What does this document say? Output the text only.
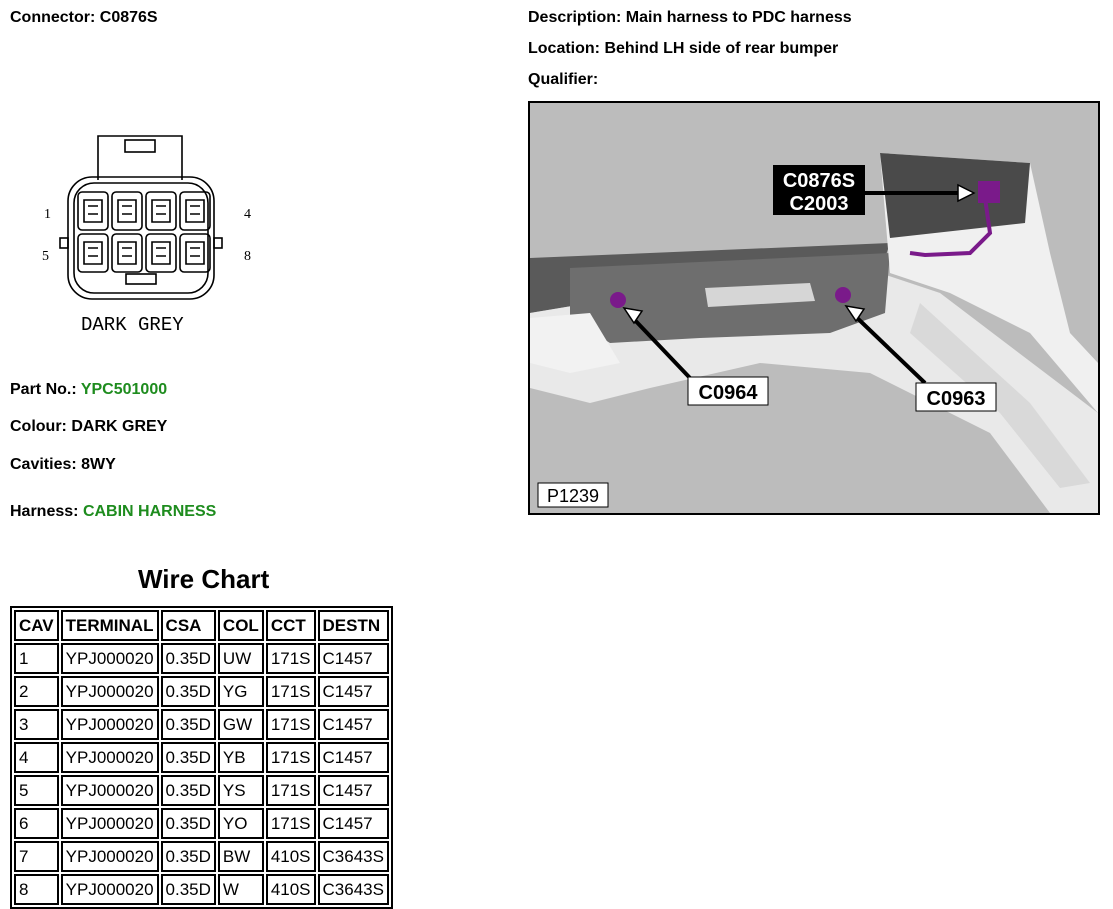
Connector: C0876S	Description: Main harness to PDC harness
Location: Behind LH side of rear bumper
Qualifier:
1	4
5	8
DARK GREY
Part No.: YPC501000
Colour: DARK GREY
Cavities: 8WY
Harness: CABIN HARNESS
C0876S
C2003
C0964	C0963
P1239
Wire Chart
CAV	TERMINAL	CSA	COL	CCT	DESTN
1	YPJ000020	0.35D	UW	171S	C1457
2	YPJ000020	0.35D	YG	171S	C1457
3	YPJ000020	0.35D	GW	171S	C1457
4	YPJ000020	0.35D	YB	171S	C1457
5	YPJ000020	0.35D	YS	171S	C1457
6	YPJ000020	0.35D	YO	171S	C1457
7	YPJ000020	0.35D	BW	410S	C3643S
8	YPJ000020	0.35D	W	410S	C3643S
